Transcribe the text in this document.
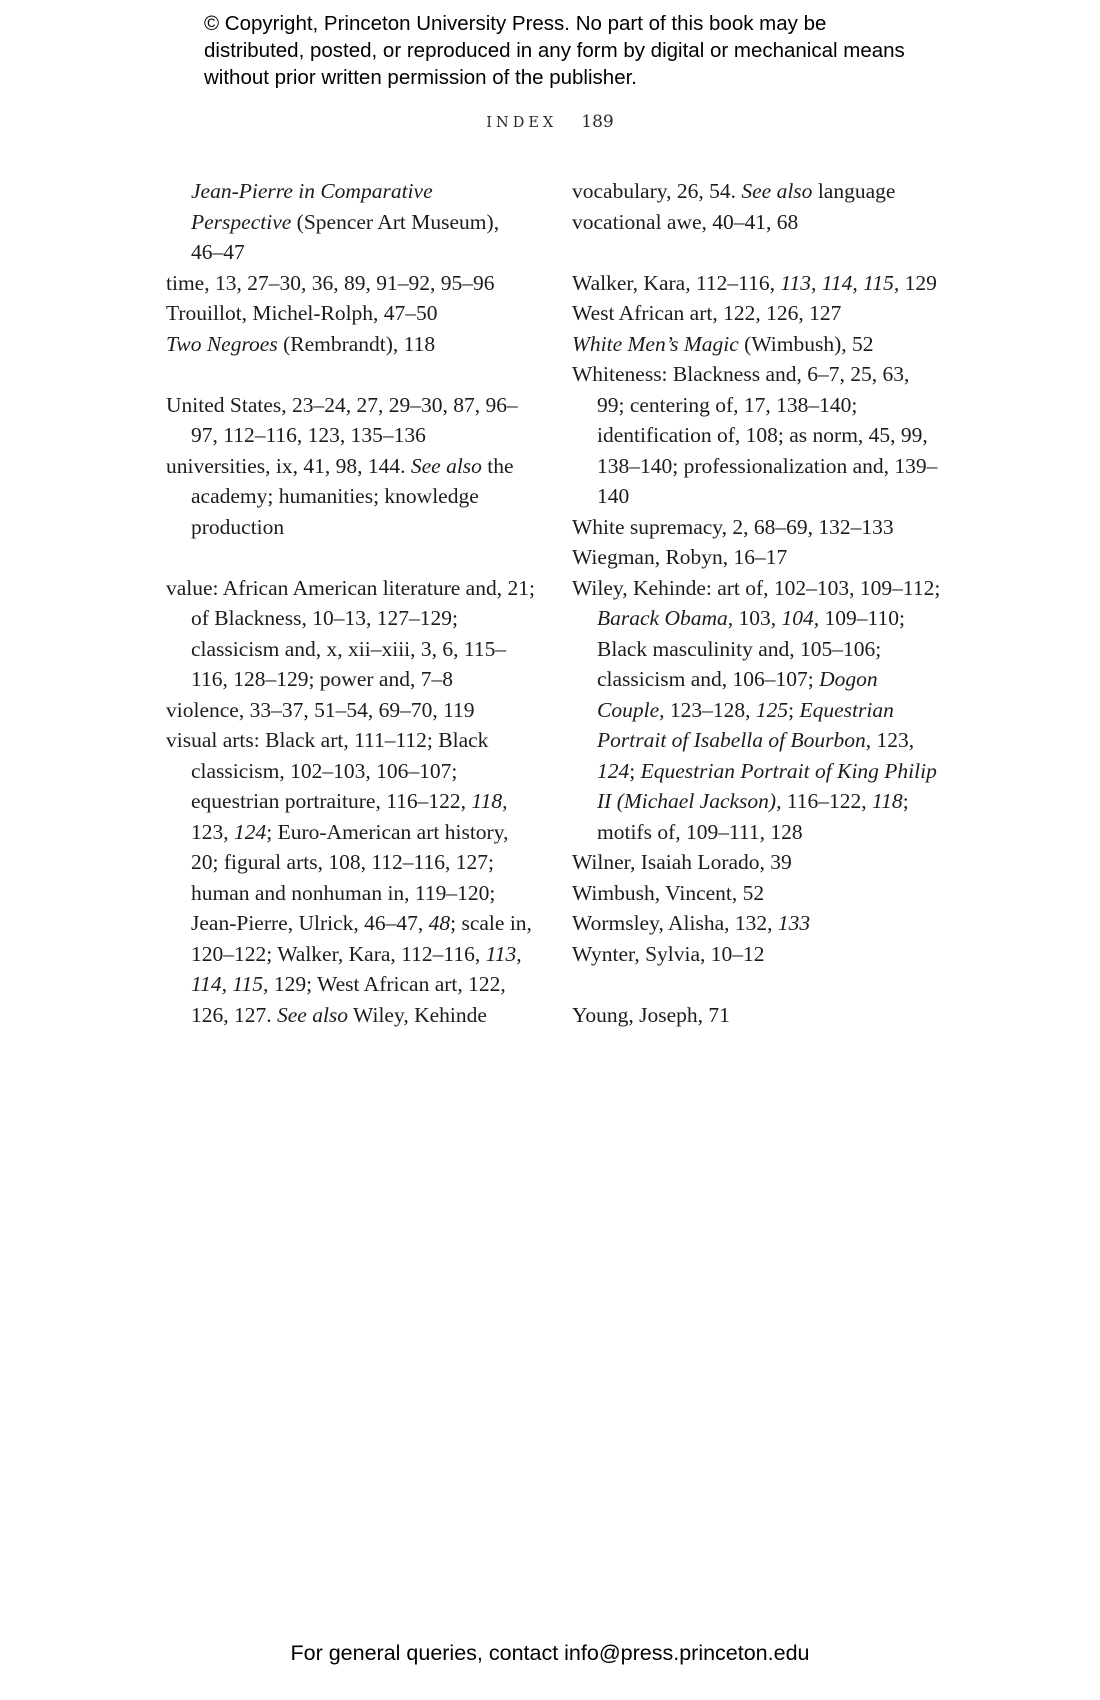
© Copyright, Princeton University Press. No part of this book may be distributed, posted, or reproduced in any form by digital or mechanical means without prior written permission of the publisher.
INDEX 189

Jean-Pierre in Comparative Perspective (Spencer Art Museum), 46–47

time, 13, 27–30, 36, 89, 91–92, 95–96

Trouillot, Michel-Rolph, 47–50

Two Negroes (Rembrandt), 118

United States, 23–24, 27, 29–30, 87, 96–97, 112–116, 123, 135–136

universities, ix, 41, 98, 144. See also the academy; humanities; knowledge production

value: African American literature and, 21; of Blackness, 10–13, 127–129; classicism and, x, xii–xiii, 3, 6, 115–116, 128–129; power and, 7–8

violence, 33–37, 51–54, 69–70, 119

visual arts: Black art, 111–112; Black classicism, 102–103, 106–107; equestrian portraiture, 116–122, 118, 123, 124; Euro-American art history, 20; figural arts, 108, 112–116, 127; human and nonhuman in, 119–120; Jean-Pierre, Ulrick, 46–47, 48; scale in, 120–122; Walker, Kara, 112–116, 113, 114, 115, 129; West African art, 122, 126, 127. See also Wiley, Kehinde

vocabulary, 26, 54. See also language

vocational awe, 40–41, 68

Walker, Kara, 112–116, 113, 114, 115, 129

West African art, 122, 126, 127

White Men’s Magic (Wimbush), 52

Whiteness: Blackness and, 6–7, 25, 63, 99; centering of, 17, 138–140; identification of, 108; as norm, 45, 99, 138–140; professionalization and, 139–140

White supremacy, 2, 68–69, 132–133

Wiegman, Robyn, 16–17

Wiley, Kehinde: art of, 102–103, 109–112; Barack Obama, 103, 104, 109–110; Black masculinity and, 105–106; classicism and, 106–107; Dogon Couple, 123–128, 125; Equestrian Portrait of Isabella of Bourbon, 123, 124; Equestrian Portrait of King Philip II (Michael Jackson), 116–122, 118; motifs of, 109–111, 128

Wilner, Isaiah Lorado, 39

Wimbush, Vincent, 52

Wormsley, Alisha, 132, 133

Wynter, Sylvia, 10–12

Young, Joseph, 71

For general queries, contact info@press.princeton.edu
